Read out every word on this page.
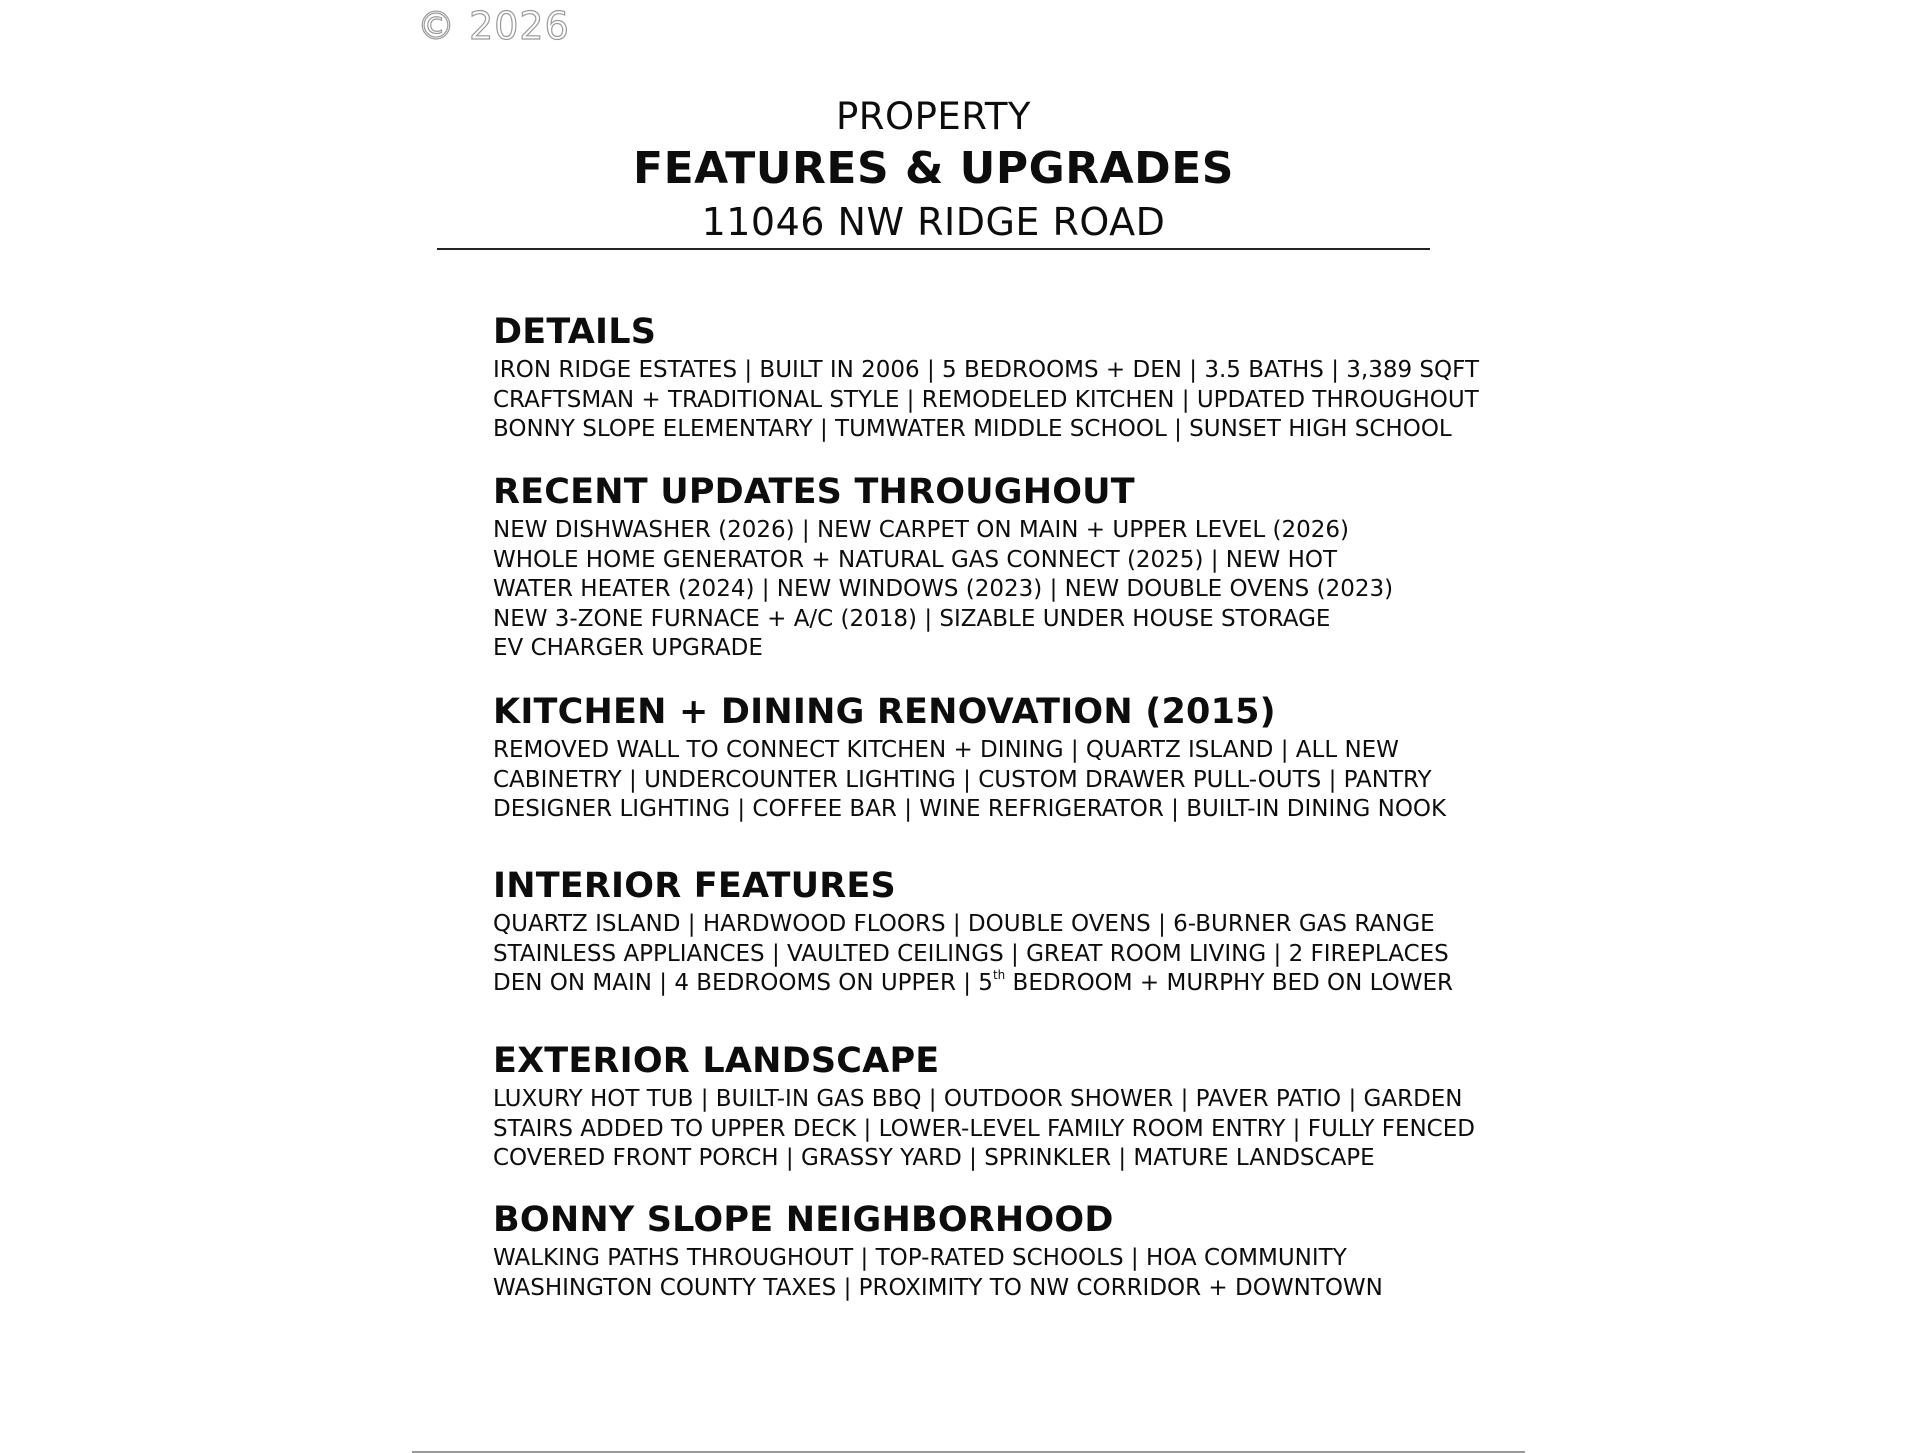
© 2026
PROPERTY
FEATURES & UPGRADES
11046 NW RIDGE ROAD
DETAILS
IRON RIDGE ESTATES | BUILT IN 2006 | 5 BEDROOMS + DEN | 3.5 BATHS | 3,389 SQFT
CRAFTSMAN + TRADITIONAL STYLE | REMODELED KITCHEN | UPDATED THROUGHOUT
BONNY SLOPE ELEMENTARY | TUMWATER MIDDLE SCHOOL | SUNSET HIGH SCHOOL
RECENT UPDATES THROUGHOUT
NEW DISHWASHER (2026) | NEW CARPET ON MAIN + UPPER LEVEL (2026)
WHOLE HOME GENERATOR + NATURAL GAS CONNECT (2025) | NEW HOT
WATER HEATER (2024) | NEW WINDOWS (2023) | NEW DOUBLE OVENS (2023)
NEW 3-ZONE FURNACE + A/C (2018) | SIZABLE UNDER HOUSE STORAGE
EV CHARGER UPGRADE
KITCHEN + DINING RENOVATION (2015)
REMOVED WALL TO CONNECT KITCHEN + DINING | QUARTZ ISLAND | ALL NEW
CABINETRY | UNDERCOUNTER LIGHTING | CUSTOM DRAWER PULL-OUTS | PANTRY
DESIGNER LIGHTING | COFFEE BAR | WINE REFRIGERATOR | BUILT-IN DINING NOOK
INTERIOR FEATURES
QUARTZ ISLAND | HARDWOOD FLOORS | DOUBLE OVENS | 6-BURNER GAS RANGE
STAINLESS APPLIANCES | VAULTED CEILINGS | GREAT ROOM LIVING | 2 FIREPLACES
DEN ON MAIN | 4 BEDROOMS ON UPPER | 5th BEDROOM + MURPHY BED ON LOWER
EXTERIOR LANDSCAPE
LUXURY HOT TUB | BUILT-IN GAS BBQ | OUTDOOR SHOWER | PAVER PATIO | GARDEN
STAIRS ADDED TO UPPER DECK | LOWER-LEVEL FAMILY ROOM ENTRY | FULLY FENCED
COVERED FRONT PORCH | GRASSY YARD | SPRINKLER | MATURE LANDSCAPE
BONNY SLOPE NEIGHBORHOOD
WALKING PATHS THROUGHOUT | TOP-RATED SCHOOLS | HOA COMMUNITY
WASHINGTON COUNTY TAXES | PROXIMITY TO NW CORRIDOR + DOWNTOWN
